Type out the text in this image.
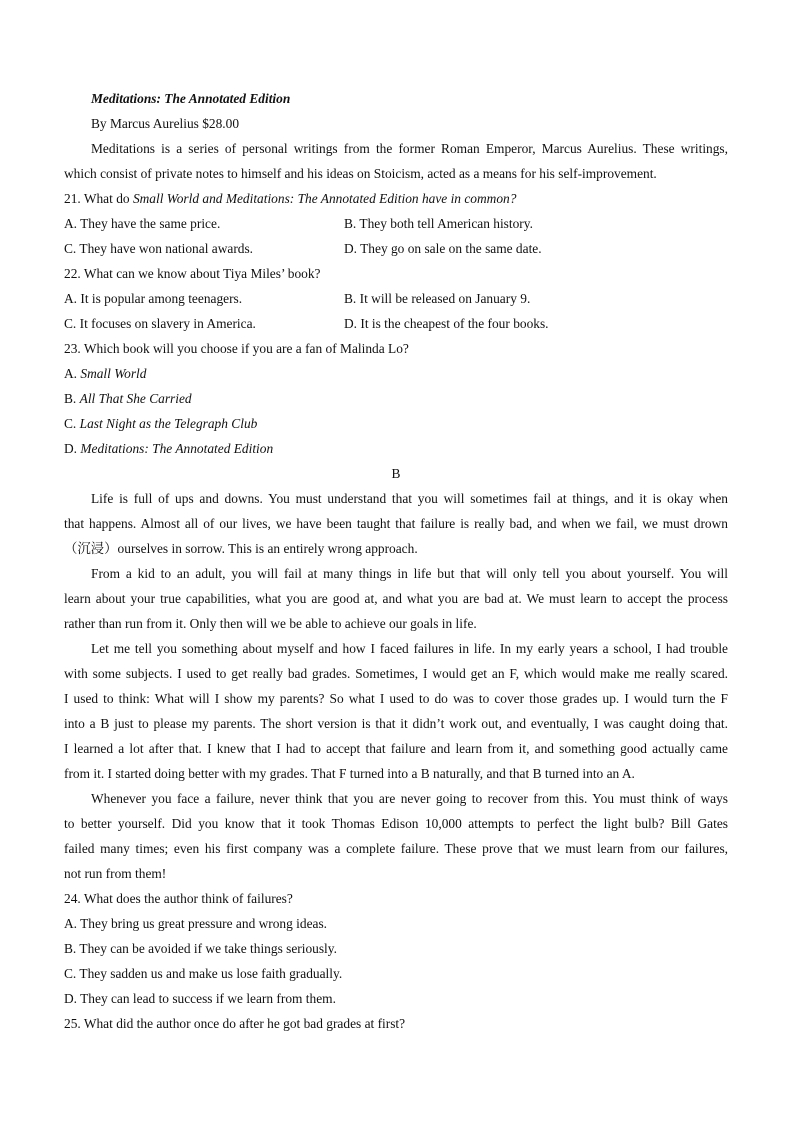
Meditations: The Annotated Edition
By Marcus Aurelius $28.00
Meditations is a series of personal writings from the former Roman Emperor, Marcus Aurelius. These writings,
which consist of private notes to himself and his ideas on Stoicism, acted as a means for his self-improvement.
21. What do Small World and Meditations: The Annotated Edition have in common?
A. They have the same price.	B. They both tell American history.
C. They have won national awards.	D. They go on sale on the same date.
22. What can we know about Tiya Miles’ book?
A. It is popular among teenagers.	B. It will be released on January 9.
C. It focuses on slavery in America.	D. It is the cheapest of the four books.
23. Which book will you choose if you are a fan of Malinda Lo?
A. Small World
B. All That She Carried
C. Last Night as the Telegraph Club
D. Meditations: The Annotated Edition
B
Life is full of ups and downs. You must understand that you will sometimes fail at things, and it is okay when
that happens. Almost all of our lives, we have been taught that failure is really bad, and when we fail, we must drown
（沉浸）ourselves in sorrow. This is an entirely wrong approach.
From a kid to an adult, you will fail at many things in life but that will only tell you about yourself. You will
learn about your true capabilities, what you are good at, and what you are bad at. We must learn to accept the process
rather than run from it. Only then will we be able to achieve our goals in life.
Let me tell you something about myself and how I faced failures in life. In my early years a school, I had trouble
with some subjects. I used to get really bad grades. Sometimes, I would get an F, which would make me really scared.
I used to think: What will I show my parents? So what I used to do was to cover those grades up. I would turn the F
into a B just to please my parents. The short version is that it didn’t work out, and eventually, I was caught doing that.
I learned a lot after that. I knew that I had to accept that failure and learn from it, and something good actually came
from it. I started doing better with my grades. That F turned into a B naturally, and that B turned into an A.
Whenever you face a failure, never think that you are never going to recover from this. You must think of ways
to better yourself. Did you know that it took Thomas Edison 10,000 attempts to perfect the light bulb? Bill Gates
failed many times; even his first company was a complete failure. These prove that we must learn from our failures,
not run from them!
24. What does the author think of failures?
A. They bring us great pressure and wrong ideas.
B. They can be avoided if we take things seriously.
C. They sadden us and make us lose faith gradually.
D. They can lead to success if we learn from them.
25. What did the author once do after he got bad grades at first?
